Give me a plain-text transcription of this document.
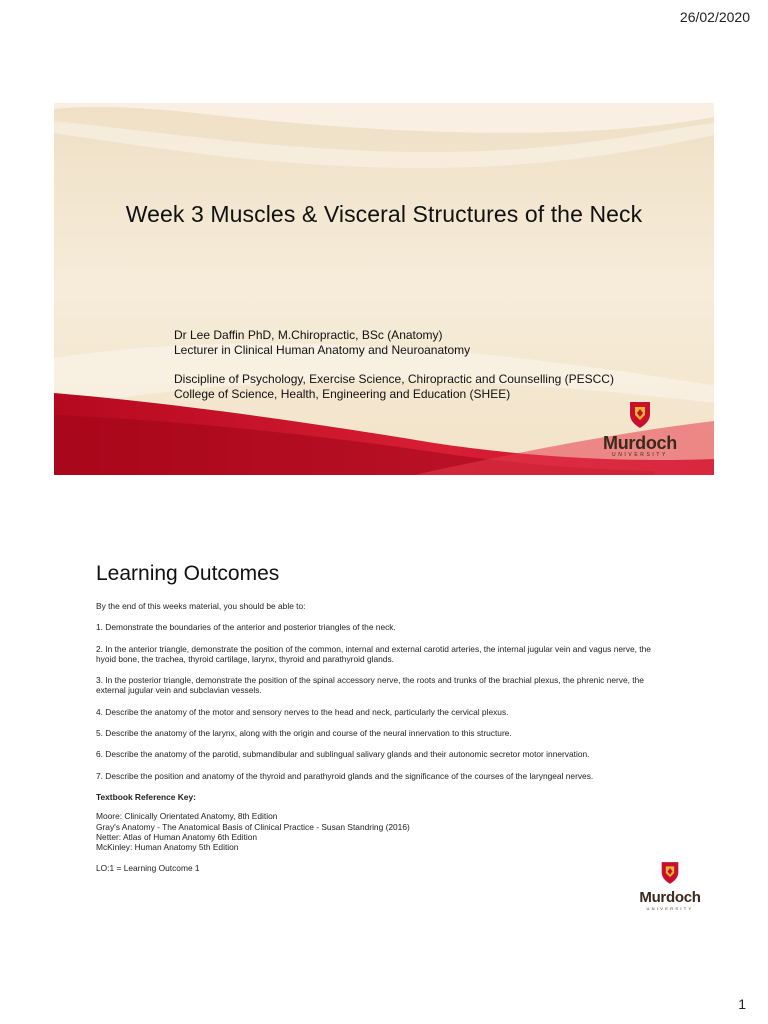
26/02/2020
Week 3 Muscles & Visceral Structures of the Neck
Dr Lee Daffin PhD, M.Chiropractic, BSc (Anatomy)
Lecturer in Clinical Human Anatomy and Neuroanatomy
Discipline of Psychology, Exercise Science, Chiropractic and Counselling (PESCC)
College of Science, Health, Engineering and Education (SHEE)
Murdoch
UNIVERSITY
Learning Outcomes

By the end of this weeks material, you should be able to:

1. Demonstrate the boundaries of the anterior and posterior triangles of the neck.

2. In the anterior triangle, demonstrate the position of the common, internal and external carotid arteries, the internal jugular vein and vagus nerve, the hyoid bone, the trachea, thyroid cartilage, larynx, thyroid and parathyroid glands.

3. In the posterior triangle, demonstrate the position of the spinal accessory nerve, the roots and trunks of the brachial plexus, the phrenic nerve, the external jugular vein and subclavian vessels.

4. Describe the anatomy of the motor and sensory nerves to the head and neck, particularly the cervical plexus.

5. Describe the anatomy of the larynx, along with the origin and course of the neural innervation to this structure.

6. Describe the anatomy of the parotid, submandibular and sublingual salivary glands and their autonomic secretor motor innervation.

7. Describe the position and anatomy of the thyroid and parathyroid glands and the significance of the courses of the laryngeal nerves.

Textbook Reference Key:

Moore: Clinically Orientated Anatomy, 8th Edition
Gray's Anatomy - The Anatomical Basis of Clinical Practice - Susan Standring (2016)
Netter: Atlas of Human Anatomy 6th Edition
McKinley: Human Anatomy 5th Edition

LO:1 = Learning Outcome 1

Murdoch
UNIVERSITY
1
